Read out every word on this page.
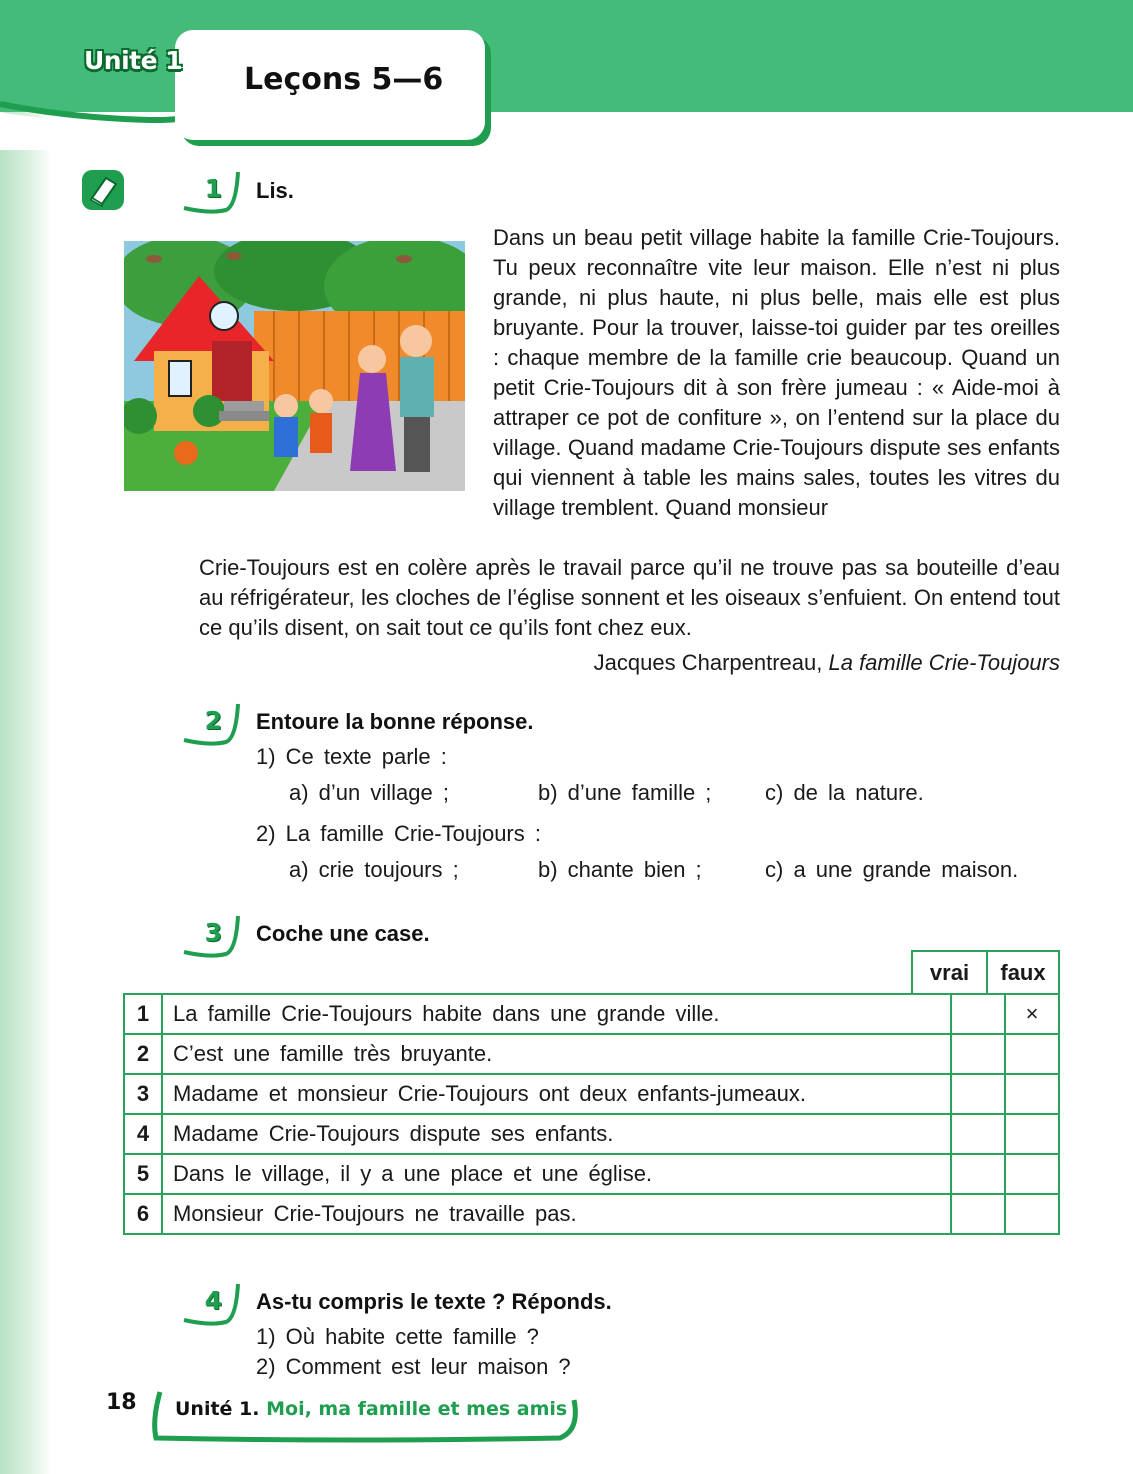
Unité 1
Leçons 5—6
1 Lis.
Dans un beau petit village habite la famille Crie-Toujours. Tu peux reconnaître vite leur maison. Elle n’est ni plus grande, ni plus haute, ni plus belle, mais elle est plus bruyante. Pour la trouver, laisse-toi guider par tes oreilles : chaque membre de la famille crie beaucoup. Quand un petit Crie-Toujours dit à son frère jumeau : « Aide-moi à attraper ce pot de confiture », on l’entend sur la place du village. Quand madame Crie-Toujours dispute ses enfants qui viennent à table les mains sales, toutes les vitres du village tremblent. Quand monsieur
Crie-Toujours est en colère après le travail parce qu’il ne trouve pas sa bouteille d’eau au réfrigérateur, les cloches de l’église sonnent et les oiseaux s’enfuient. On entend tout ce qu’ils disent, on sait tout ce qu’ils font chez eux.
Jacques Charpentreau, La famille Crie-Toujours
2 Entoure la bonne réponse.
1) Ce texte parle :
a) d’un village ;	b) d’une famille ; c) de la nature.
2) La famille Crie-Toujours :
a) crie toujours ;	b) chante bien ;	c) a une grande maison.
3 Coche une case.
vrai	faux
1	La famille Crie-Toujours habite dans une grande ville.		×
2	C’est une famille très bruyante.		
3	Madame et monsieur Crie-Toujours ont deux enfants-jumeaux.		
4	Madame Crie-Toujours dispute ses enfants.		
5	Dans le village, il y a une place et une église.		
6	Monsieur Crie-Toujours ne travaille pas.		
4 As-tu compris le texte ? Réponds.
1) Où habite cette famille ?
2) Comment est leur maison ?
18 Unité 1. Moi, ma famille et mes amis
